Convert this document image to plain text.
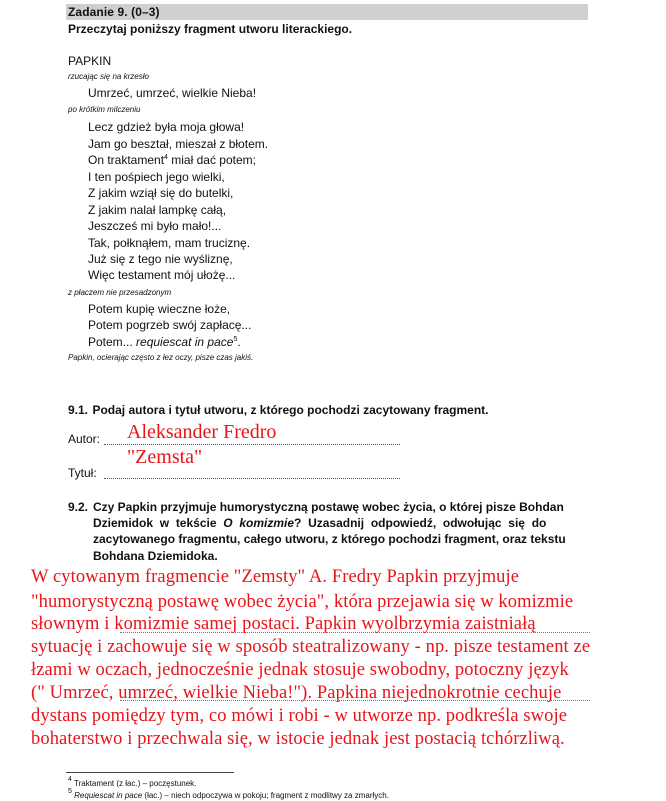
Zadanie 9. (0–3)
Przeczytaj poniższy fragment utworu literackiego.
PAPKIN
rzucając się na krzesło
Umrzeć, umrzeć, wielkie Nieba!
po krótkim milczeniu
Lecz gdzież była moja głowa!
Jam go beształ, mieszał z błotem.
On traktament$^4$ miał dać potem;
I ten pośpiech jego wielki,
Z jakim wziął się do butelki,
Z jakim nalał lampkę całą,
Jeszcześ mi było mało!...
Tak, połknąłem, mam truciznę.
Już się z tego nie wyśliznę,
Więc testament mój ułożę...
z płaczem nie przesadzonym
Potem kupię wieczne łoże,
Potem pogrzeb swój zapłacę...
Potem... requiescat in pace$^5$.
Papkin, ocierając często z łez oczy, pisze czas jakiś.
9.1. Podaj autora i tytuł utworu, z którego pochodzi zacytowany fragment.
Autor: Aleksander Fredro
Tytuł:
"Zemsta"
9.2. Czy Papkin przyjmuje humorystyczną postawę wobec życia, o której pisze Bohdan
Dziemidok w tekście O komizmie? Uzasadnij odpowiedź, odwołując się do
zacytowanego fragmentu, całego utworu, z którego pochodzi fragment, oraz tekstu
Bohdana Dziemidoka.
W cytowanym fragmencie "Zemsty" A. Fredry Papkin przyjmuje
"humorystyczną postawę wobec życia", która przejawia się w komizmie
słownym i komizmie samej postaci. Papkin wyolbrzymia zaistniałą
sytuację i zachowuje się w sposób steatralizowany - np. pisze testament ze
łzami w oczach, jednocześnie jednak stosuje swobodny, potoczny język
(" Umrzeć, umrzeć, wielkie Nieba!"). Papkina niejednokrotnie cechuje
dystans pomiędzy tym, co mówi i robi - w utworze np. podkreśla swoje
bohaterstwo i przechwala się, w istocie jednak jest postacią tchórzliwą.
$^4$ Traktament (z łac.) – poczęstunek.
$^5$ Requiescat in pace (łac.) – niech odpoczywa w pokoju; fragment z modlitwy za zmarłych.
